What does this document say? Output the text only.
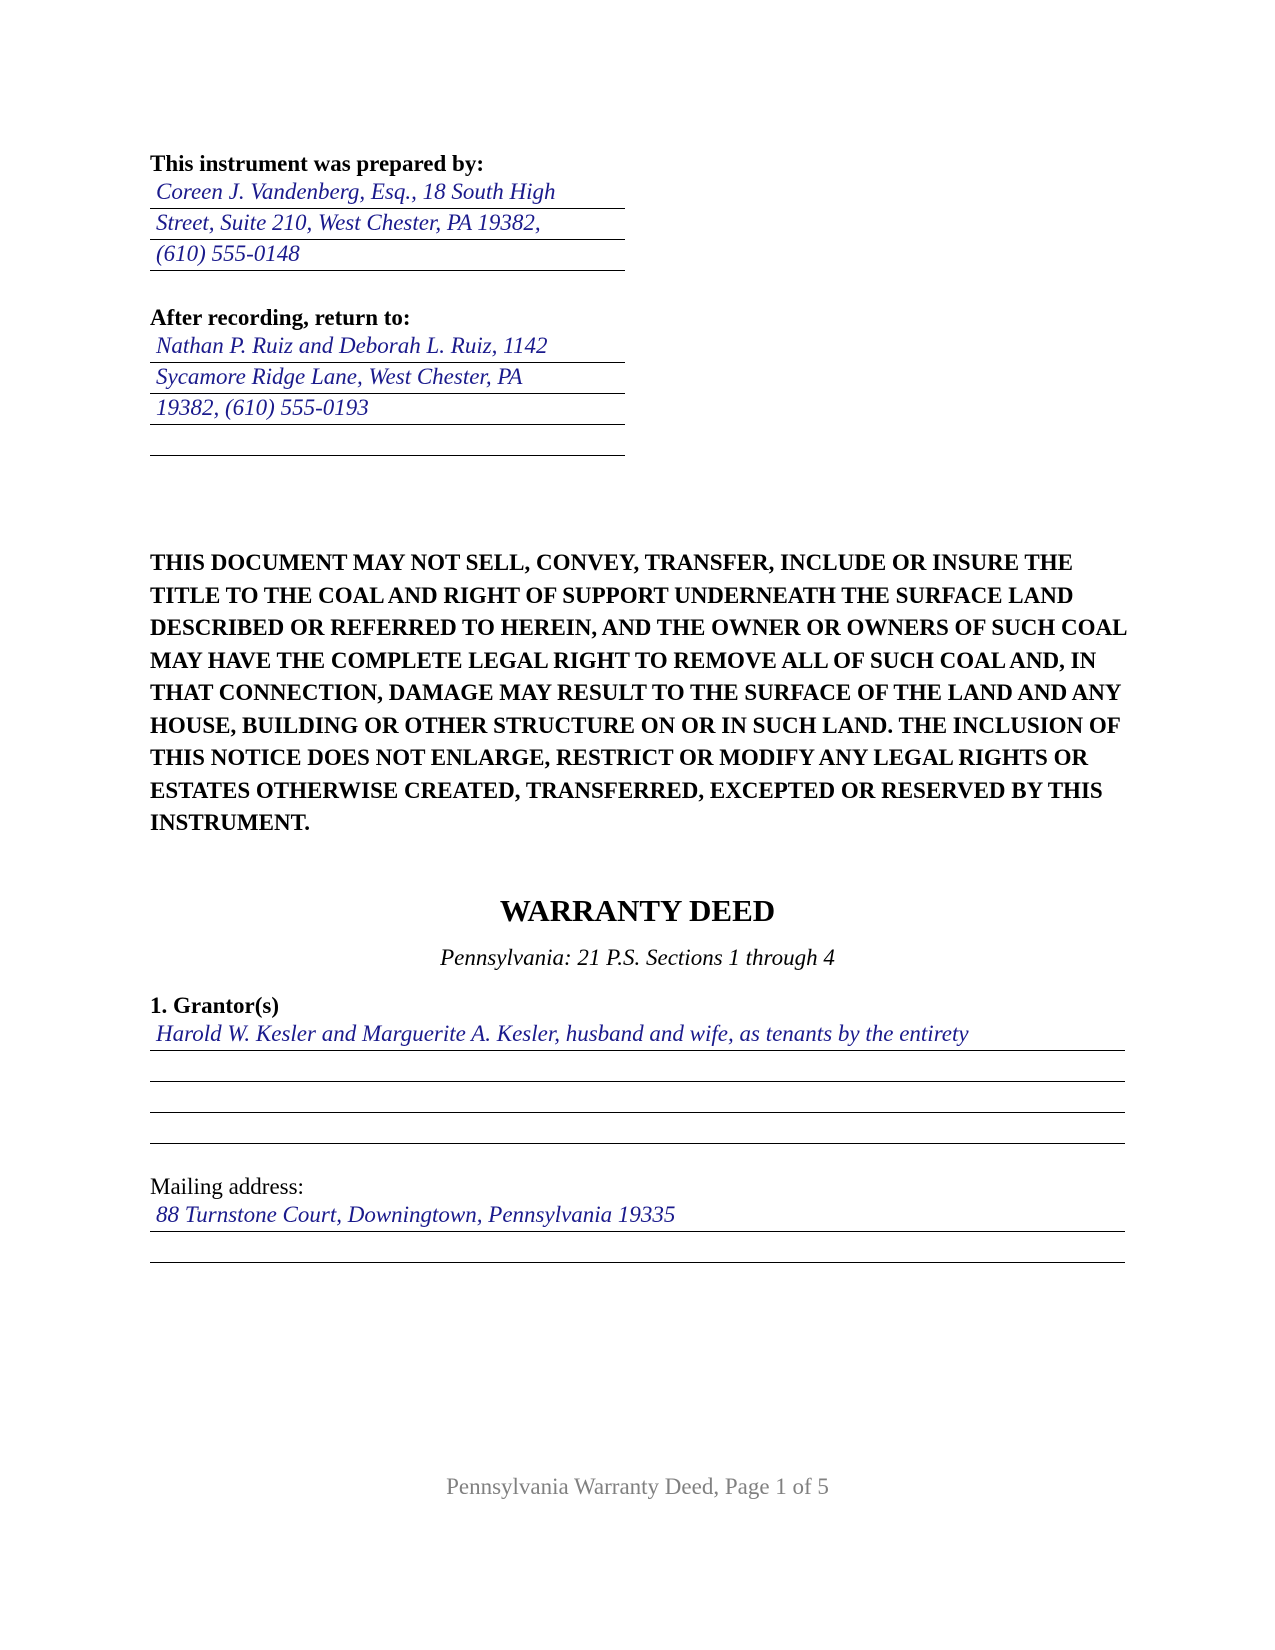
This instrument was prepared by:

Coreen J. Vandenberg, Esq., 18 South High
Street, Suite 210, West Chester, PA 19382,
(610) 555-0148

After recording, return to:

Nathan P. Ruiz and Deborah L. Ruiz, 1142
Sycamore Ridge Lane, West Chester, PA
19382, (610) 555-0193
THIS DOCUMENT MAY NOT SELL, CONVEY, TRANSFER, INCLUDE OR INSURE THE TITLE TO THE COAL AND RIGHT OF SUPPORT UNDERNEATH THE SURFACE LAND DESCRIBED OR REFERRED TO HEREIN, AND THE OWNER OR OWNERS OF SUCH COAL MAY HAVE THE COMPLETE LEGAL RIGHT TO REMOVE ALL OF SUCH COAL AND, IN THAT CONNECTION, DAMAGE MAY RESULT TO THE SURFACE OF THE LAND AND ANY HOUSE, BUILDING OR OTHER STRUCTURE ON OR IN SUCH LAND. THE INCLUSION OF THIS NOTICE DOES NOT ENLARGE, RESTRICT OR MODIFY ANY LEGAL RIGHTS OR ESTATES OTHERWISE CREATED, TRANSFERRED, EXCEPTED OR RESERVED BY THIS INSTRUMENT.
WARRANTY DEED
Pennsylvania: 21 P.S. Sections 1 through 4

1. Grantor(s)

Harold W. Kesler and Marguerite A. Kesler, husband and wife, as tenants by the entirety

Mailing address:

88 Turnstone Court, Downingtown, Pennsylvania 19335
Pennsylvania Warranty Deed, Page 1 of 5
